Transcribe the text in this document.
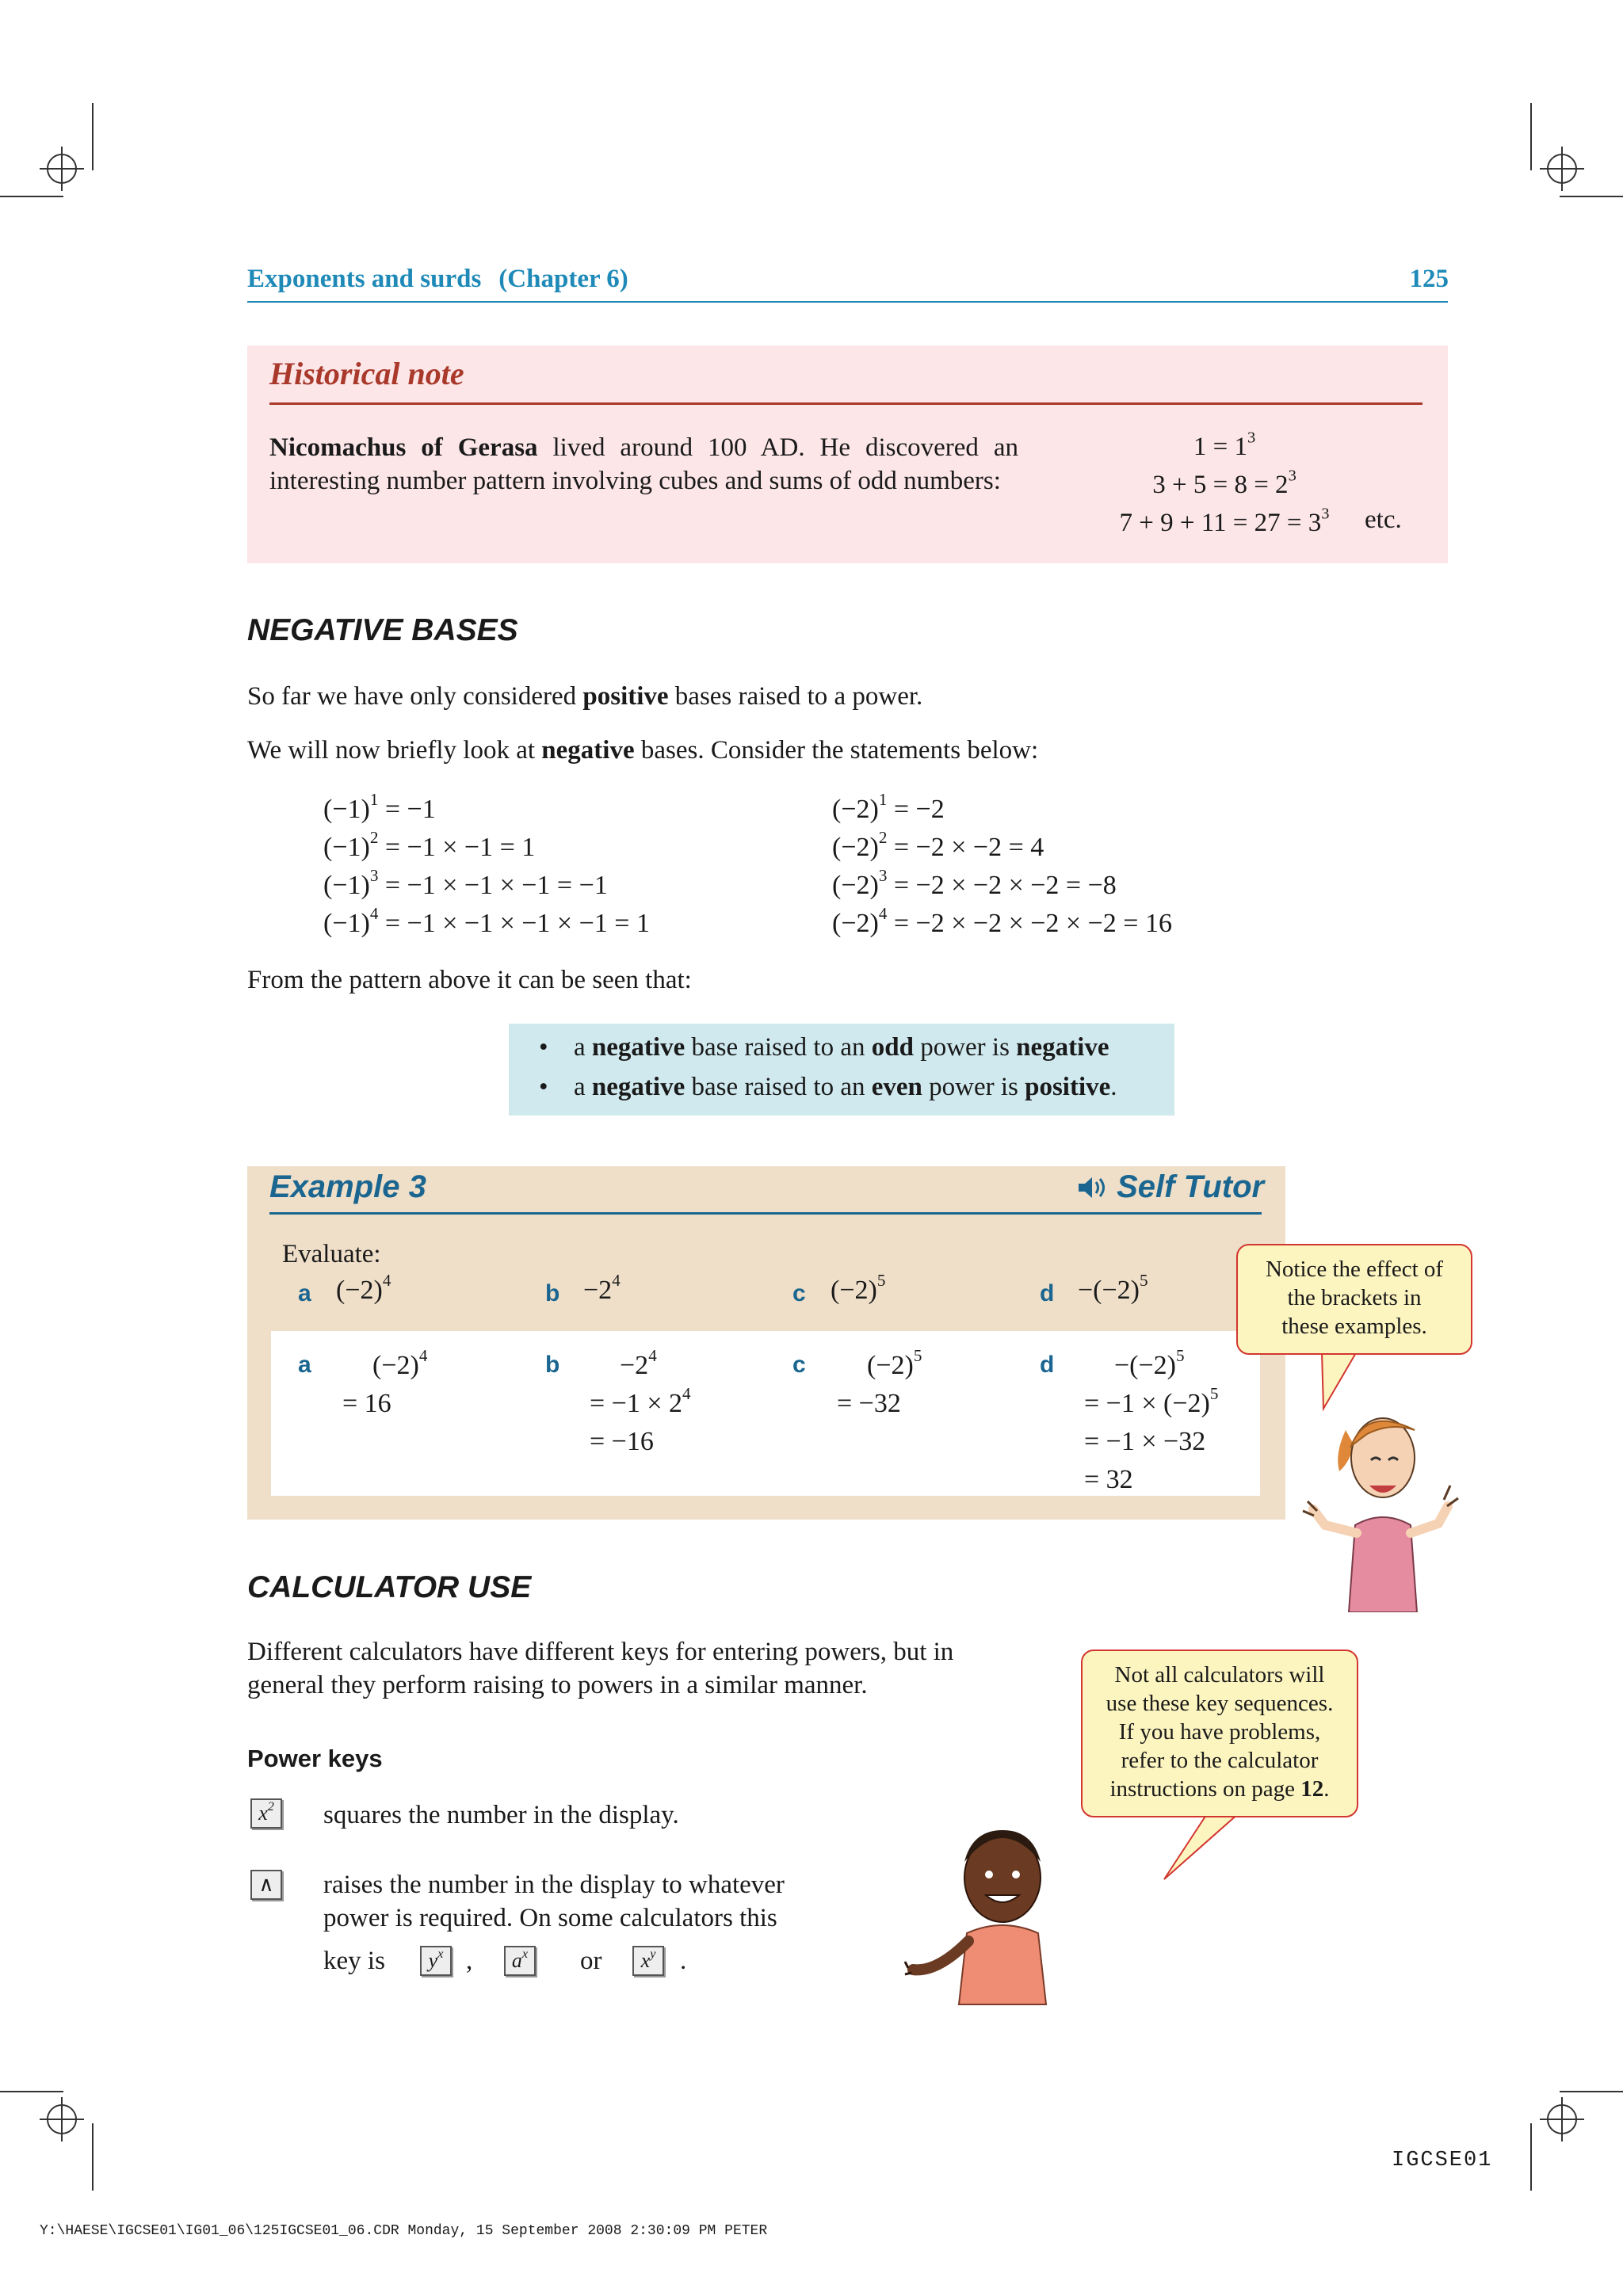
Exponents and surds (Chapter 6)	125
Historical note
Nicomachus of Gerasa lived around 100 AD. He discovered an interesting number pattern involving cubes and sums of odd numbers:
$1 = 1^3$
$3 + 5 = 8 = 2^3$
$7 + 9 + 11 = 27 = 3^3$	etc.
NEGATIVE BASES
So far we have only considered positive bases raised to a power.
We will now briefly look at negative bases. Consider the statements below:
$(-1)^1 = -1$
$(-1)^2 = -1 \times -1 = 1$
$(-1)^3 = -1 \times -1 \times -1 = -1$
$(-1)^4 = -1 \times -1 \times -1 \times -1 = 1$
$(-2)^1 = -2$
$(-2)^2 = -2 \times -2 = 4$
$(-2)^3 = -2 \times -2 \times -2 = -8$
$(-2)^4 = -2 \times -2 \times -2 \times -2 = 16$
From the pattern above it can be seen that:
• a negative base raised to an odd power is negative
• a negative base raised to an even power is positive.
Example 3	Self Tutor
Evaluate:
a $(-2)^4$	$b -2^4$	c $(-2)^5$	$d -(-2)^5$
a	$(-2)^4$
= 16
b	$-2^4$
= $-1 \times 2^4$
= −16
c	$(-2)^5$
= −32
d	$-(-2)^5$
= $-1 \times (-2)^5$
= −1 × −32
= 32
Notice the effect of
the brackets in
these examples.
CALCULATOR USE
Different calculators have different keys for entering powers, but in
general they perform raising to powers in a similar manner.
Power keys
$x^2$	squares the number in the display.
∧	raises the number in the display to whatever
power is required. On some calculators this
key is	$y^x$ ,	$a^x$	or	$x^y$ .
Not all calculators will
use these key sequences.
If you have problems,
refer to the calculator
instructions on page 12.
IGCSE01
Y:\HAESE\IGCSE01\IG01_06\125IGCSE01_06.CDR Monday, 15 September 2008 2:30:09 PM PETER
